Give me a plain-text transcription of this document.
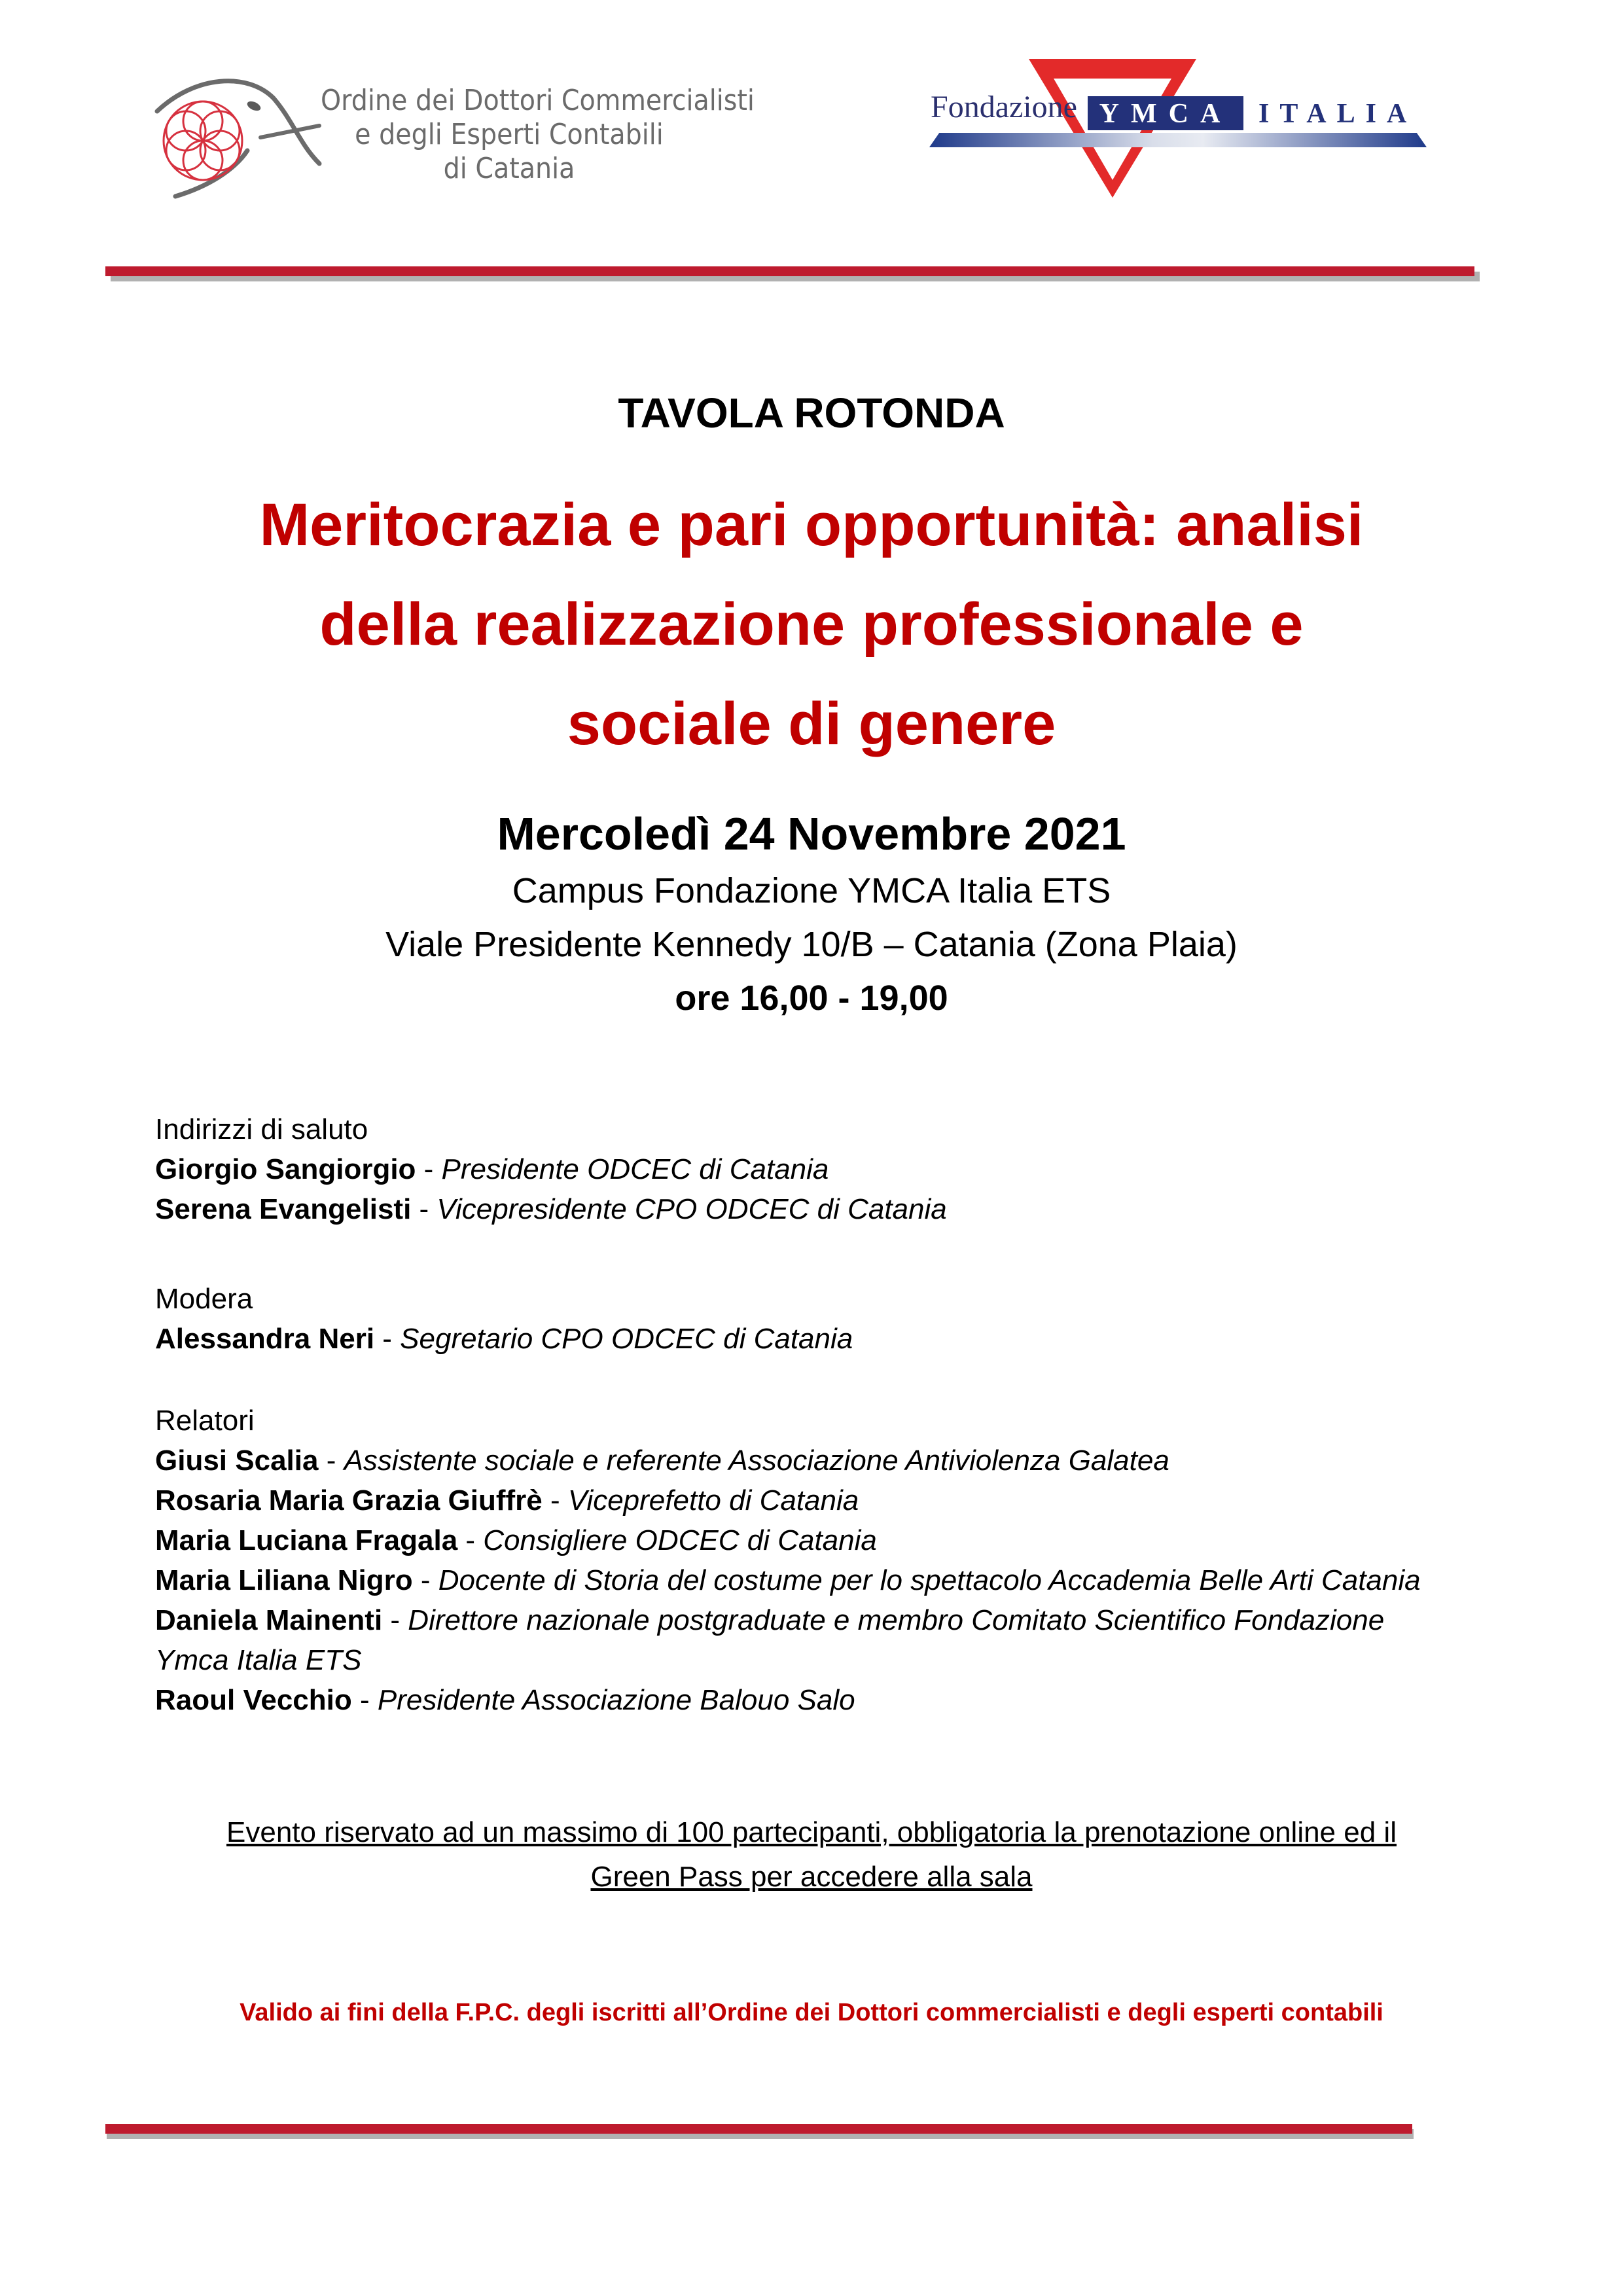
Ordine dei Dottori Commercialisti
e degli Esperti Contabili
di Catania
Fondazione YMCA ITALIA
TAVOLA ROTONDA
Meritocrazia e pari opportunità: analisi
della realizzazione professionale e
sociale di genere
Mercoledì 24 Novembre 2021
Campus Fondazione YMCA Italia ETS
Viale Presidente Kennedy 10/B – Catania (Zona Plaia)
ore 16,00 - 19,00
Indirizzi di saluto
Giorgio Sangiorgio - Presidente ODCEC di Catania
Serena Evangelisti - Vicepresidente CPO ODCEC di Catania
Modera
Alessandra Neri - Segretario CPO ODCEC di Catania
Relatori
Giusi Scalia - Assistente sociale e referente Associazione Antiviolenza Galatea
Rosaria Maria Grazia Giuffrè - Viceprefetto di Catania
Maria Luciana Fragala - Consigliere ODCEC di Catania
Maria Liliana Nigro - Docente di Storia del costume per lo spettacolo Accademia Belle Arti Catania
Daniela Mainenti - Direttore nazionale postgraduate e membro Comitato Scientifico Fondazione
Ymca Italia ETS
Raoul Vecchio - Presidente Associazione Balouo Salo
Evento riservato ad un massimo di 100 partecipanti, obbligatoria la prenotazione online ed il
Green Pass per accedere alla sala
Valido ai fini della F.P.C. degli iscritti all’Ordine dei Dottori commercialisti e degli esperti contabili
